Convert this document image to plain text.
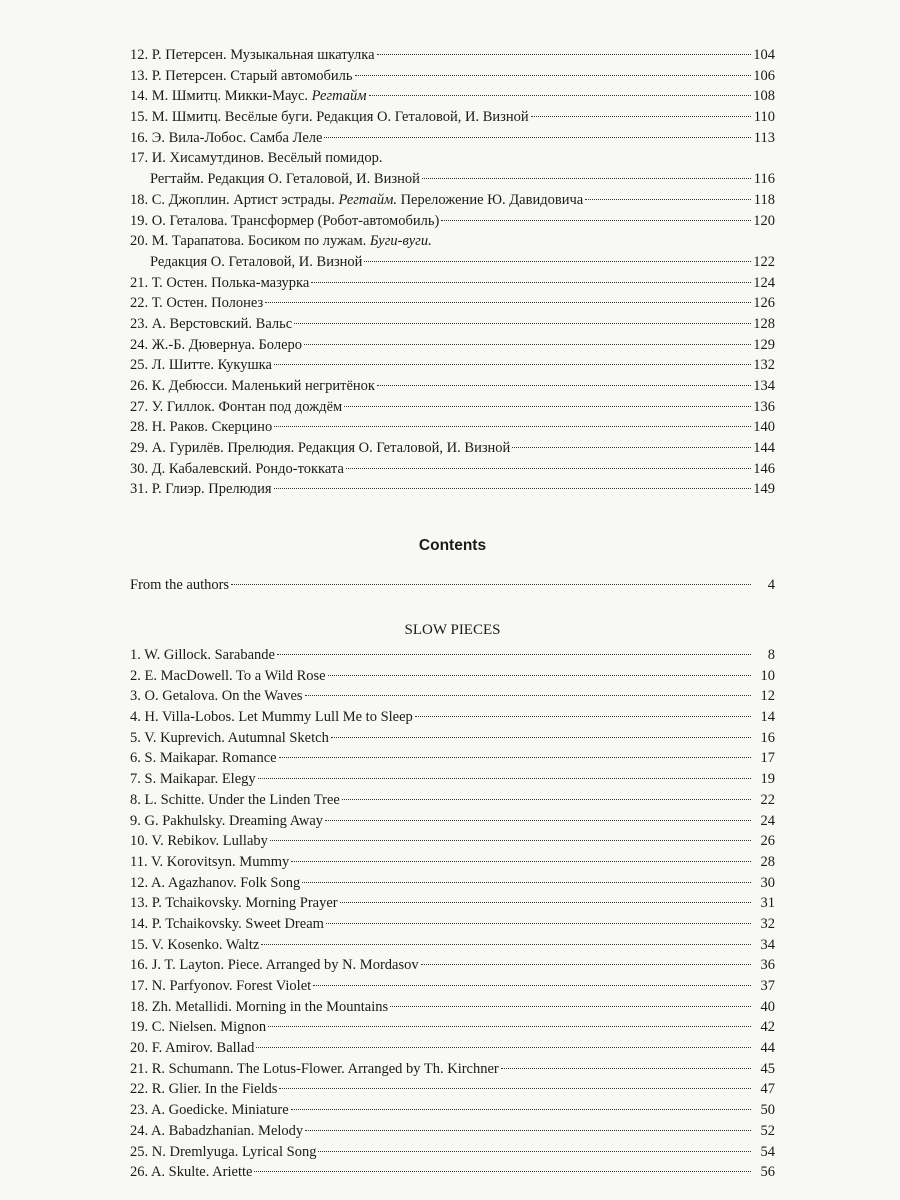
12. Р. Петерсен. Музыкальная шкатулка	104
13. Р. Петерсен. Старый автомобиль	106
14. М. Шмитц. Микки-Маус. Регтайм	108
15. М. Шмитц. Весёлые буги. Редакция О. Геталовой, И. Визной	110
16. Э. Вила-Лобос. Самба Леле	113
17. И. Хисамутдинов. Весёлый помидор.
Регтайм. Редакция О. Геталовой, И. Визной	116
18. С. Джоплин. Артист эстрады. Регтайм. Переложение Ю. Давидовича	118
19. О. Геталова. Трансформер (Робот-автомобиль)	120
20. М. Тарапатова. Босиком по лужам. Буги-вуги.
Редакция О. Геталовой, И. Визной	122
21. Т. Остен. Полька-мазурка	124
22. Т. Остен. Полонез	126
23. А. Верстовский. Вальс	128
24. Ж.-Б. Дювернуа. Болеро	129
25. Л. Шитте. Кукушка	132
26. К. Дебюсси. Маленький негритёнок	134
27. У. Гиллок. Фонтан под дождём	136
28. Н. Раков. Скерцино	140
29. А. Гурилёв. Прелюдия. Редакция О. Геталовой, И. Визной	144
30. Д. Кабалевский. Рондо-токката	146
31. Р. Глиэр. Прелюдия	149
Contents
From the authors	4
SLOW PIECES
1. W. Gillock. Sarabande	8
2. E. MacDowell. To a Wild Rose	10
3. O. Getalova. On the Waves	12
4. H. Villa-Lobos. Let Mummy Lull Me to Sleep	14
5. V. Kuprevich. Autumnal Sketch	16
6. S. Maikapar. Romance	17
7. S. Maikapar. Elegy	19
8. L. Schitte. Under the Linden Tree	22
9. G. Pakhulsky. Dreaming Away	24
10. V. Rebikov. Lullaby	26
11. V. Korovitsyn. Mummy	28
12. A. Agazhanov. Folk Song	30
13. P. Tchaikovsky. Morning Prayer	31
14. P. Tchaikovsky. Sweet Dream	32
15. V. Kosenko. Waltz	34
16. J. T. Layton. Piece. Arranged by N. Mordasov	36
17. N. Parfyonov. Forest Violet	37
18. Zh. Metallidi. Morning in the Mountains	40
19. C. Nielsen. Mignon	42
20. F. Amirov. Ballad	44
21. R. Schumann. The Lotus-Flower. Arranged by Th. Kirchner	45
22. R. Glier. In the Fields	47
23. A. Goedicke. Miniature	50
24. A. Babadzhanian. Melody	52
25. N. Dremlyuga. Lyrical Song	54
26. A. Skulte. Ariette	56
